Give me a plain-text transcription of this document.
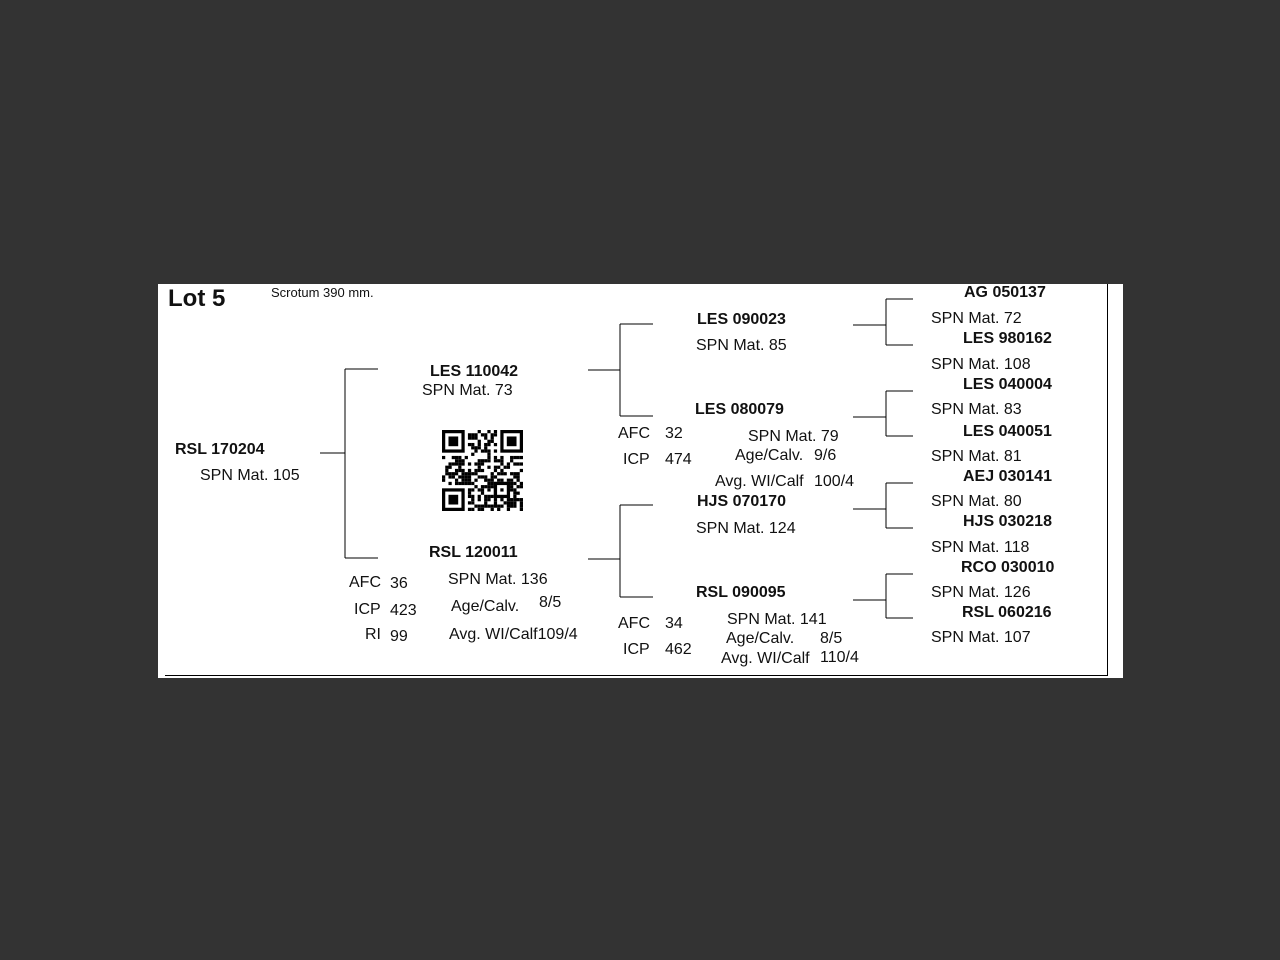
Lot 5	Scrotum 390 mm.
RSL 170204
SPN Mat. 105
LES 110042
SPN Mat. 73
RSL 120011
SPN Mat. 136
AFC 36
ICP 423
RI 99
Age/Calv. 8/5
Avg. WI/Calf109/4
LES 090023
SPN Mat. 85
LES 080079
AFC 32	SPN Mat. 79
Age/Calv. 9/6
ICP 474
Avg. WI/Calf 100/4
HJS 070170
SPN Mat. 124
RSL 090095
SPN Mat. 141
AFC 34
Age/Calv. 8/5
ICP 462
Avg. WI/Calf 110/4
AG 050137
SPN Mat. 72
LES 980162
SPN Mat. 108
LES 040004
SPN Mat. 83
LES 040051
SPN Mat. 81
AEJ 030141
SPN Mat. 80
HJS 030218
SPN Mat. 118
RCO 030010
SPN Mat. 126
RSL 060216
SPN Mat. 107
